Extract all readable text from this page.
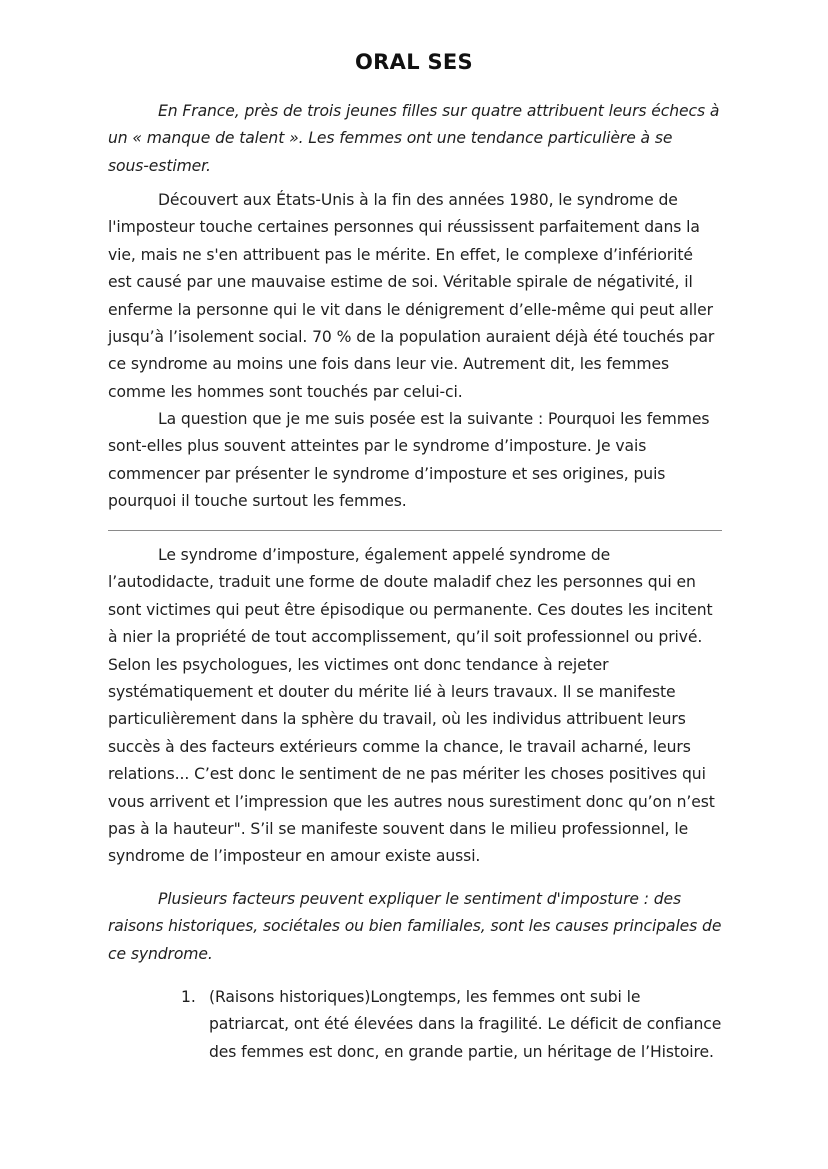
ORAL SES

En France, près de trois jeunes filles sur quatre attribuent leurs échecs à
un « manque de talent ». Les femmes ont une tendance particulière à se
sous-estimer.

Découvert aux États-Unis à la fin des années 1980, le syndrome de
l'imposteur touche certaines personnes qui réussissent parfaitement dans la
vie, mais ne s'en attribuent pas le mérite. En effet, le complexe d’infériorité
est causé par une mauvaise estime de soi. Véritable spirale de négativité, il
enferme la personne qui le vit dans le dénigrement d’elle-même qui peut aller
jusqu’à l’isolement social. 70 % de la population auraient déjà été touchés par
ce syndrome au moins une fois dans leur vie. Autrement dit, les femmes
comme les hommes sont touchés par celui-ci.

La question que je me suis posée est la suivante : Pourquoi les femmes
sont-elles plus souvent atteintes par le syndrome d’imposture. Je vais
commencer par présenter le syndrome d’imposture et ses origines, puis
pourquoi il touche surtout les femmes.

Le syndrome d’imposture, également appelé syndrome de
l’autodidacte, traduit une forme de doute maladif chez les personnes qui en
sont victimes qui peut être épisodique ou permanente. Ces doutes les incitent
à nier la propriété de tout accomplissement, qu’il soit professionnel ou privé.
Selon les psychologues, les victimes ont donc tendance à rejeter
systématiquement et douter du mérite lié à leurs travaux. Il se manifeste
particulièrement dans la sphère du travail, où les individus attribuent leurs
succès à des facteurs extérieurs comme la chance, le travail acharné, leurs
relations... C’est donc le sentiment de ne pas mériter les choses positives qui
vous arrivent et l’impression que les autres nous surestiment donc qu’on n’est
pas à la hauteur". S’il se manifeste souvent dans le milieu professionnel, le
syndrome de l’imposteur en amour existe aussi.

Plusieurs facteurs peuvent expliquer le sentiment d'imposture : des
raisons historiques, sociétales ou bien familiales, sont les causes principales de
ce syndrome.

1. (Raisons historiques)Longtemps, les femmes ont subi le
patriarcat, ont été élevées dans la fragilité. Le déficit de confiance
des femmes est donc, en grande partie, un héritage de l’Histoire.
